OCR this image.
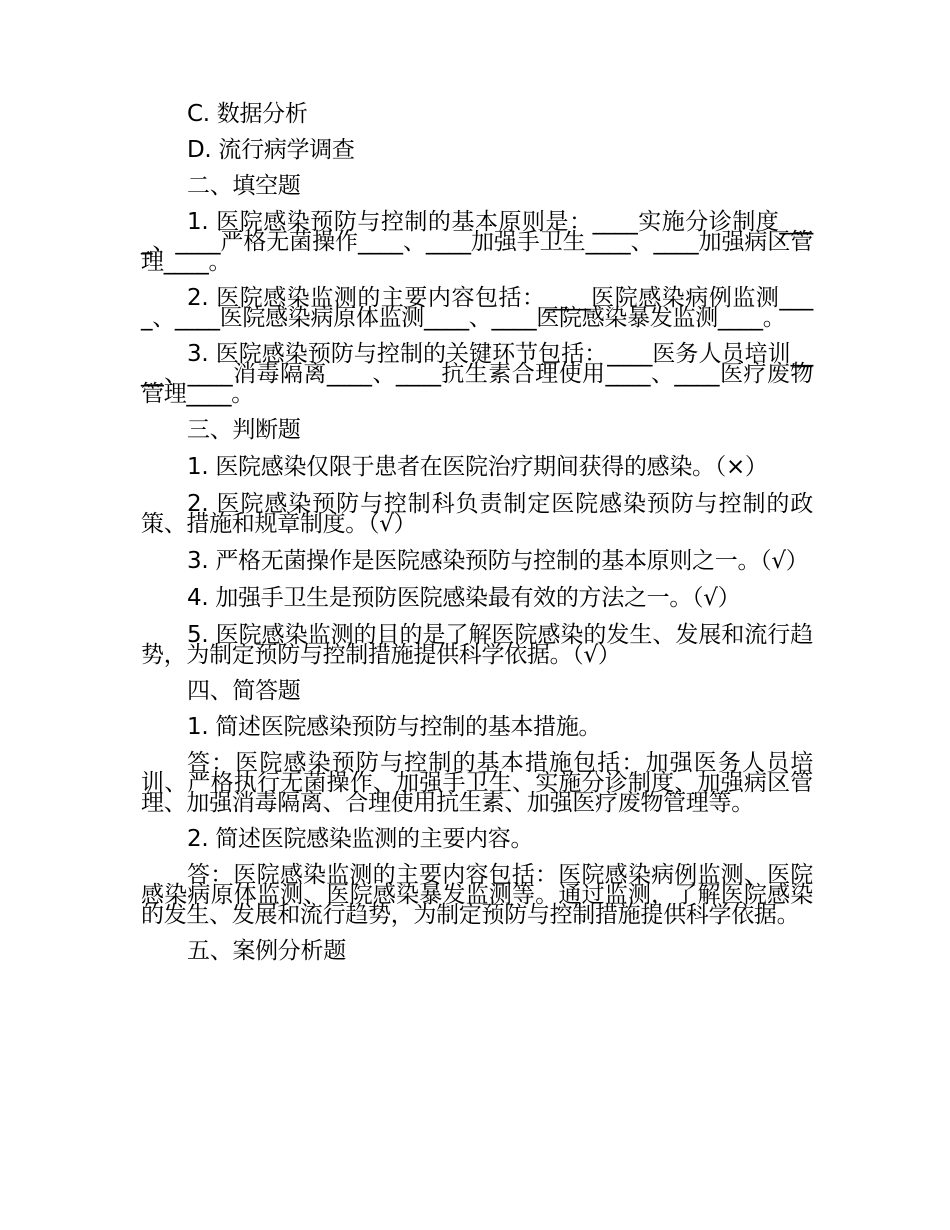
C. 数据分析

D. 流行病学调查

二、填空题

1. 医院感染预防与控制的基本原则是：____实施分诊制度____、____严格无菌操作____、____加强手卫生____、____加强病区管理____。

2. 医院感染监测的主要内容包括：____医院感染病例监测____、____医院感染病原体监测____、____医院感染暴发监测____。

3. 医院感染预防与控制的关键环节包括：____医务人员培训____、____消毒隔离____、____抗生素合理使用____、____医疗废物管理____。

三、判断题

1. 医院感染仅限于患者在医院治疗期间获得的感染。（×）

2. 医院感染预防与控制科负责制定医院感染预防与控制的政策、措施和规章制度。（√）

3. 严格无菌操作是医院感染预防与控制的基本原则之一。（√）

4. 加强手卫生是预防医院感染最有效的方法之一。（√）

5. 医院感染监测的目的是了解医院感染的发生、发展和流行趋势，为制定预防与控制措施提供科学依据。（√）

四、简答题

1. 简述医院感染预防与控制的基本措施。

答：医院感染预防与控制的基本措施包括：加强医务人员培训、严格执行无菌操作、加强手卫生、实施分诊制度、加强病区管理、加强消毒隔离、合理使用抗生素、加强医疗废物管理等。

2. 简述医院感染监测的主要内容。

答：医院感染监测的主要内容包括：医院感染病例监测、医院感染病原体监测、医院感染暴发监测等。通过监测，了解医院感染的发生、发展和流行趋势，为制定预防与控制措施提供科学依据。

五、案例分析题
